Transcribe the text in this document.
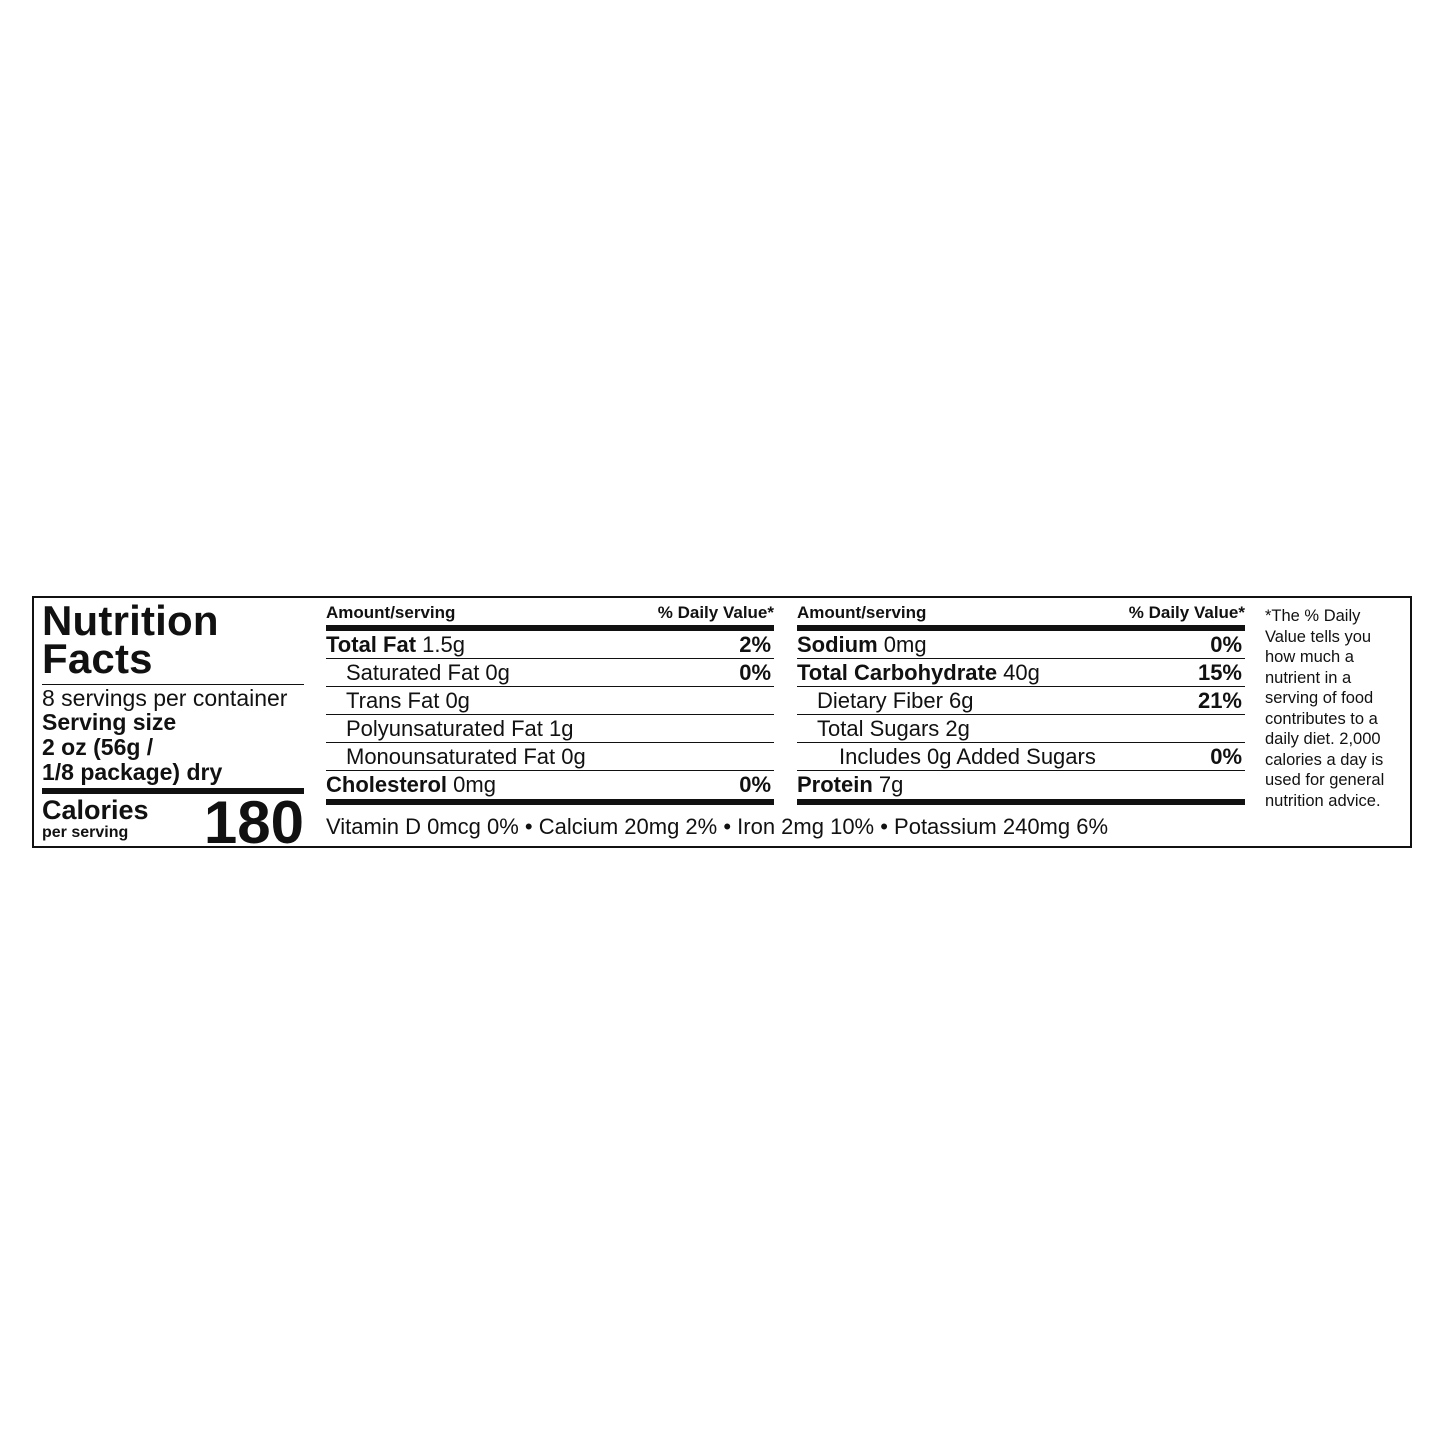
Nutrition
Facts
8 servings per container
Serving size
2 oz (56g /
1/8 package) dry
Calories
per serving 180
Amount/serving	% Daily Value*
Total Fat 1.5g	2%
Saturated Fat 0g	0%
Trans Fat 0g
Polyunsaturated Fat 1g
Monounsaturated Fat 0g
Cholesterol 0mg	0%
Amount/serving	% Daily Value*
Sodium 0mg	0%
Total Carbohydrate 40g	15%
Dietary Fiber 6g	21%
Total Sugars 2g
Includes 0g Added Sugars	0%
Protein 7g
Vitamin D 0mcg 0% • Calcium 20mg 2% • Iron 2mg 10% • Potassium 240mg 6%
*The % Daily Value tells you how much a nutrient in a serving of food contributes to a daily diet. 2,000 calories a day is used for general nutrition advice.
